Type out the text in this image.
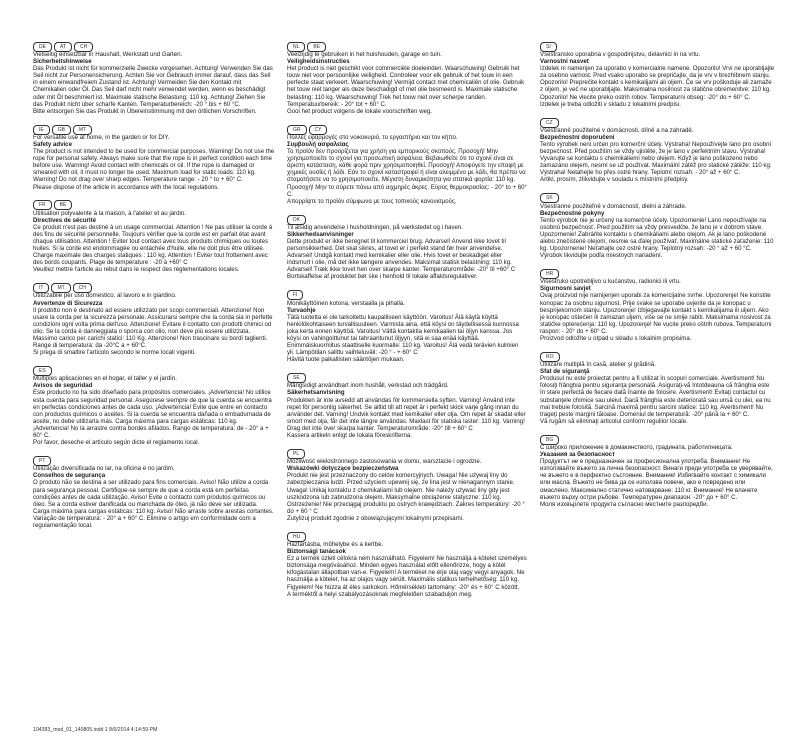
DE	AT	CH

Vielseitig einsetzbar in Haushalt, Werkstatt und Garten.

Sicherheitshinweise

Das Produkt ist nicht für kommerzielle Zwecke vorgesehen. Achtung! Verwenden Sie das Seil nicht zur Personensicherung. Achten Sie vor Gebrauch immer darauf, dass das Seil in einem einwandfreiem Zustand ist. Achtung! Vermeiden Sie den Kontakt mit Chemikalien oder Öl. Das Seil darf nicht mehr verwendet werden, wenn es beschädigt oder mit Öl beschmiert ist. Maximale statische Belastung: 110 kg. Achtung! Ziehen Sie das Produkt nicht über scharfe Kanten. Temperaturbereich: -20 ° bis + 60 °C.
Bitte entsorgen Sie das Produkt in Übereinstimmung mit den örtlichen Vorschriften.

IE	GB	MT

For versatile use at home, in the garden or for DIY.

Safety advice

The product is not intended to be used for commercial purposes. Warning! Do not use the rope for personal safety. Always make sure that the rope is in perfect condition each time before use. Warning! Avoid contact with chemicals or oil. If the rope is damaged or smeared with oil, it must no longer be used. Maximum load for static loads: 110 kg. Warning! Do not drag over sharp edges. Temperature range: - 20 ° to + 60° C.
Please dispose of the article in accordance with the local regulations.

FR	BE

Utilisation polyvalente à la maison, à l'atelier et au jardin.

Directives de sécurité

Ce produit n'est pas destiné à un usage commercial. Attention ! Ne pas utiliser la corde à des fins de sécurité personnelle. Toujours vérifier que la corde est en parfait état avant chaque utilisation. Attention ! Eviter tout contact avec tous produits chimiques ou toutes huiles. Si la corde est endommagée ou entachée d'huile, elle ne doit plus être utilisée. Charge maximale des charges statiques : 110 kg. Attention ! Eviter tout frottement avec des bords coupants. Plage de température : -20 à +60° C
Veuillez mettre l'article au rebut dans le respect des réglementations locales.

IT	MT	CH

Utilizzabile per uso domestico, al lavoro e in giardino.

Avvertenze di Sicurezza

Il prodotto non è destinato ad essere utilizzato per scopi commerciali. Attenzione! Non usare la corda per la sicurezza personale. Assicurarsi sempre che la corda sia in perfette condizioni ogni volta prima dell'uso. Attenzione! Evitare il contatto con prodotti chimici od olio. Se la corda è danneggiata o sporca con olio, non deve più essere utilizzata. Massimo carico per carichi statici: 110 Kg. Attenzione! Non trascinare su bordi taglienti. Range di temperatura: da -20°C a + 60°C.
Si prega di smaltire l'articolo secondo le norme locali vigenti.

ES

Múltiples aplicaciones en el hogar, el taller y el jardín.

Avisos de seguridad

Este producto no ha sido diseñado para propósitos comerciales. ¡Advertencia! No utilice esta cuerda para seguridad personal. Asegúrese siempre de que la cuerda se encuentra en perfectas condiciones antes de cada uso. ¡Advertencia! Evite que entre en contacto con productos químicos o aceites. Si la cuerda se encuentra dañada o embadurnada de aceite, no debe utilizarla más. Carga máxima para cargas estáticas: 110 kg. ¡Advertencia! No la arrastre contra bordes afilados. Rango de temperatura: de - 20° a + 60° C.
Por favor, deseche el artículo según dicte el reglamento local.

PT

Utilização diversificada no lar, na oficina e no jardim.

Conselhos de segurança

O produto não se destina a ser utilizado para fins comerciais. Aviso! Não utilize a corda para segurança pessoal. Certifique-se sempre de que a corda está em perfeitas condições antes de cada utilização. Aviso! Evite o contacto com produtos químicos ou óleo. Se a corda estiver danificada ou manchada de óleo, já não deve ser utilizada. Carga máxima para cargas estáticas: 110 kg. Aviso! Não arraste sobre arestas cortantes. Variação de temperatura: - 20° a + 60° C. Elimine o artigo em conformidade com a regulamentação local.

NL	BE

Veelzijdig te gebruiken in het huishouden, garage en tuin.

Veiligheidsinstructies

Het product is niet geschikt voor commerciële doeleinden. Waarschuwing! Gebruik het touw niet voor persoonlijke veiligheid. Controleer voor elk gebruik of het touw in een perfecte staat verkeert. Waarschuwing! Vermijd contact met chemicaliën of olie. Gebruik het touw niet langer als deze beschadigd of met olie besmeerd is. Maximale statische belasting: 110 kg. Waarschuwing! Trek het touw niet over scherpe randen. Temperatuurbereik: - 20° tot + 60° C.
Gooi het product volgens de lokale voorschriften weg.

GR	CY

Πολλές εφαρμογές στο νοικοκυριό, το εργαστήριο και τον κήπο.

Συμβουλή ασφαλείας

Το προϊόν δεν προορίζεται για χρήση για εμπορικούς σκοπούς. Προσοχή! Μην χρησιμοποιείτε το σχοινί για προσωπική ασφάλεια. Βεβαιωθείτε ότι το σχοινί είναι σε άριστη κατάσταση, κάθε φορά πριν χρησιμοποιηθεί. Προσοχή! Αποφύγετε την επαφή με χημικές ουσίες ή λάδι. Εάν το σχοινί καταστραφεί ή είναι αλειμμένο με λάδι, θα πρέπει να σταματήσετε να το χρησιμοποιείτε. Μέγιστη δυναμικότητα για στατικά φορτία: 110 kg. Προσοχή! Μην το σύρετε πάνω από αιχμηρές άκρες. Εύρος θερμοκρασίας: - 20° to + 60° C.
Απορρίψτε το προϊόν σύμφωνα με τους τοπικούς κανονισμούς.

DK

Til alsidig anvendelse i husholdningen, på værkstedet og i haven.

Sikkerhedsanvisninger

Dette produkt er ikke beregnet til kommerciel brug. Advarsel! Anvend ikke tovet til personsikkerhed. Det skal sikres, at tovet er i perfekt stand før hver anvendelse. Advarsel! Undgå kontakt med kemikalier eller olie. Hvis tovet er beskadiget eller indsmurt i olie, må det ikke længere anvendes. Maksimal statisk belastning: 110 kg. Advarsel! Træk ikke tovet hen over skarpe kanter. Temperaturområde: -20° til +60° C
Bortskaffelse af produktet bør ske i henhold til lokale affaldsregulativer.

FI

Monikäyttöinen kotona, verstaalla ja pihalla.

Turvaohje

Tätä tuotetta ei ole tarkoitettu kaupalliseen käyttöön. Varoitus! Älä käytä köyttä henkilökohtaiseen turvallisuuteen. Varmista aina, että köysi on täydellisessä kunnossa joka kerta ennen käyttöä. Varoitus! Vältä kontaktia kemikaalien tai öljyn kanssa. Jos köysi on vahingoittunut tai tahraantunut öljyyn, sitä ei saa enää käyttää. Enimmäiskuormitus staattiselle kuormalle: 110 kg. Varoitus! Älä vedä terävien kulmien yli. Lämpötilan salittu vaihteluväli: -20 ° - + 60° C
Hävitä tuote paikallisten sääntöjen mukaan.

SE

Mångsidigt användbart inom hushåll, verkstad och trädgård.

Säkerhetsanvisning

Produkten är inte avsedd att användas för kommersiella syften. Varning! Använd inte repet för personlig säkerhet. Se alltid till att repet är i perfekt skick varje gång innan du använder det. Varning! Undvik kontakt med kemikalier eller olja. Om repet är skadat eller smort med olja, får det inte längre användas. Maxlast för statiska laster: 110 kg. Varning! Drag det inte över skarpa kanter. Temperaturområde: -20° till + 60° C
Kassera artikeln enligt de lokala föreskrifterna.

PL

Możliwość wielostronnego zastosowania w domu, warsztacie i ogrodzie.

Wskazówki dotyczące bezpieczeństwa

Produkt nie jest przeznaczony do celów komercyjnych. Uwaga! Nie używaj liny do zabezpieczania ludzi. Przed użyciem upewnij się, że lina jest w nienagannym stanie. Uwaga! Unikaj kontaktu z chemikaliami lub olejem. Nie należy używać liny gdy jest uszkodzona lub zabrudzona olejem. Maksymalne obciążenie statyczne: 110 kg. Ostrzeżenie! Nie przeciągaj produktu po ostrych krawędziach. Zakres temperatury: -20 ° do + 60 ° C
Zutylizuj produkt zgodnie z obowiązującymi lokalnymi przepisami.

HU

Háztartásba, műhelybe és a kertbe.

Biztonsági tanácsok

Ez a termék üzleti célokra nem használható. Figyelem! Ne használja a kötelet személyes biztonsága megóvásához. Minden egyes használat előtt ellenőrizze, hogy a kötél kifogástalan állapotban van-e. Figyelem! A terméket ne érje olaj vagy vegyi anyagok. Ne használja a kötelet, ha az olajos vagy sérült. Maximális statikus terhelhetőség: 110 kg. Figyelem! Ne húzza át éles sarkokon. Hőmérsékleti tartomány: -20° és + 60° C között.
A terméktől a helyi szabályozásoknak megfelelően szabaduljon meg.

SI

Vsestransko uporabna v gospodinjstvu, delavnici in na vrtu.

Varnostni nasvet

Izdelek ni namenjen za uporabo v komercialne namene. Opozorilo! Vrvi ne uporabljajte za osebno varnost. Pred vsako uporabo se prepričajte, da je vrv v brezhibnem stanju. Opozorilo! Preprečite kontakt s kemikalijami ali oljem. Če se vrv poškoduje ali zamaže z oljem, je več ne uporabljajte. Maksimalna nosilnost za statične obremenitve: 110 kg. Opozorilo! Ne vlecite preko ostrih robov. Temperaturni obseg: -20° do + 60° C.
Izdelek je treba odložiti v skladu z lokalnimi predpisi.

CZ

Všestranně použitelné v domácnosti, dílně a na zahradě.

Bezpečnostní doporučení

Tento výrobek není určen pro komerční účely. Výstraha! Nepoužívejte lano pro osobní bezpečnost. Před použitím se vždy ujistěte, že je lano v perfektním stavu. Výstraha! Vyvarujte se kontaktu s chemikáliemi nebo olejem. Když je lano poškozeno nebo zamazáno olejem, nesmí se už používat. Maximální zátěž pro statické zátěže: 110 kg. Výstraha! Netahejte ho přes ostré hrany. Teplotní rozsah: - 20° až + 60° C.
Artikl, prosím, zlikvidujte v souladu s místními předpisy.

SK

Všestranne použiteľné v domácnosti, dielni a záhrade.

Bezpečnostné pokyny

Tento výrobok nie je určený na komerčné účely. Upozornenie! Lano nepoužívajte na osobnú bezpečnosť. Pred použitím sa vždy presvedčte, že lano je v dobrom stave. Upozornenie! Zabráňte kontaktu s chemikáliami alebo olejom. Ak je lano poškodené alebo znečistené olejom, nesmie sa ďalej používať. Maximálne statické zaťaženie: 110 kg. Upozornenie! Neťahajte cez ostré hrany. Teplotný rozsah: -20 ° až + 60 °C.
Výrobok likvidujte podľa miestnych nariadení.

HR

Višestruko upotrebljivo u kućanstvu, radionici ili vrtu.

Sigurnosni savjet

Ovaj proizvod nije namijenjen uporabi za komercijalne svrhe. Upozorenje! Ne koristite konopac za osobnu sigurnost. Prije svake se uporabe uvjerite da je konopac u besprijekornom stanju. Upozorenje! Izbjegavajte kontakt s kemikalijama ili uljem. Ako je konopac oštećen ili zamazan uljem, više se ne smije rabiti. Maksimalna nosivost za statičke opterećenja: 110 kg. Upozorenje! Ne vucite preko oštrih rubova. Temperaturni raspon: - 20° do + 60° C.
Proizvod odložite u otpad u skladu s lokalnim propisima.

RO

Utilizare multiplă în casă, atelier şi grădină.

Sfat de siguranţă

Produsul nu este proiectat pentru a fi utilizat în scopuri comerciale. Avertisment! Nu folosiţi frânghia pentru siguranţa personală. Asiguraţi-vă întotdeauna că frânghia este în stare perfectă de fiecare dată înainte de folosire. Avertisment! Evitaţi contactul cu substanţele chimice sau uleiul. Dacă frânghia este deteriorată sau unsă cu ulei, ea nu mai trebuie folosită. Sarcină maximă pentru sarcini statice: 110 kg. Avertisment! Nu trageţi peste margini tăioase. Domeniul de temperatură: -20° până la + 60° C.
Vă rugăm să eliminaţi articolul conform regulilor locale.

BG

С широко приложение в домакинството, градината, работилницата.

Указания за безопасност

Продуктът не е предназначен за професионална употреба. Внимание! Не използвайте въжето за лична безопасност. Винаги преди употреба се уверявайте, че въжето е в перфектно състояние. Внимание! Избягвайте контакт с химикали или масла. Въжето не бива да се използва повече, ако е повредено или омаслено. Максимално статично натоварване: 110 кг. Внимание! Не влачете въжето върху остри ръбове. Температурен диапазон: -20° до + 60° С.
Моля изхвърлете продукта съгласно местните разпоредби.

104393_mod_01_140805.indd 1 8/6/2014 4:14:59 PM
